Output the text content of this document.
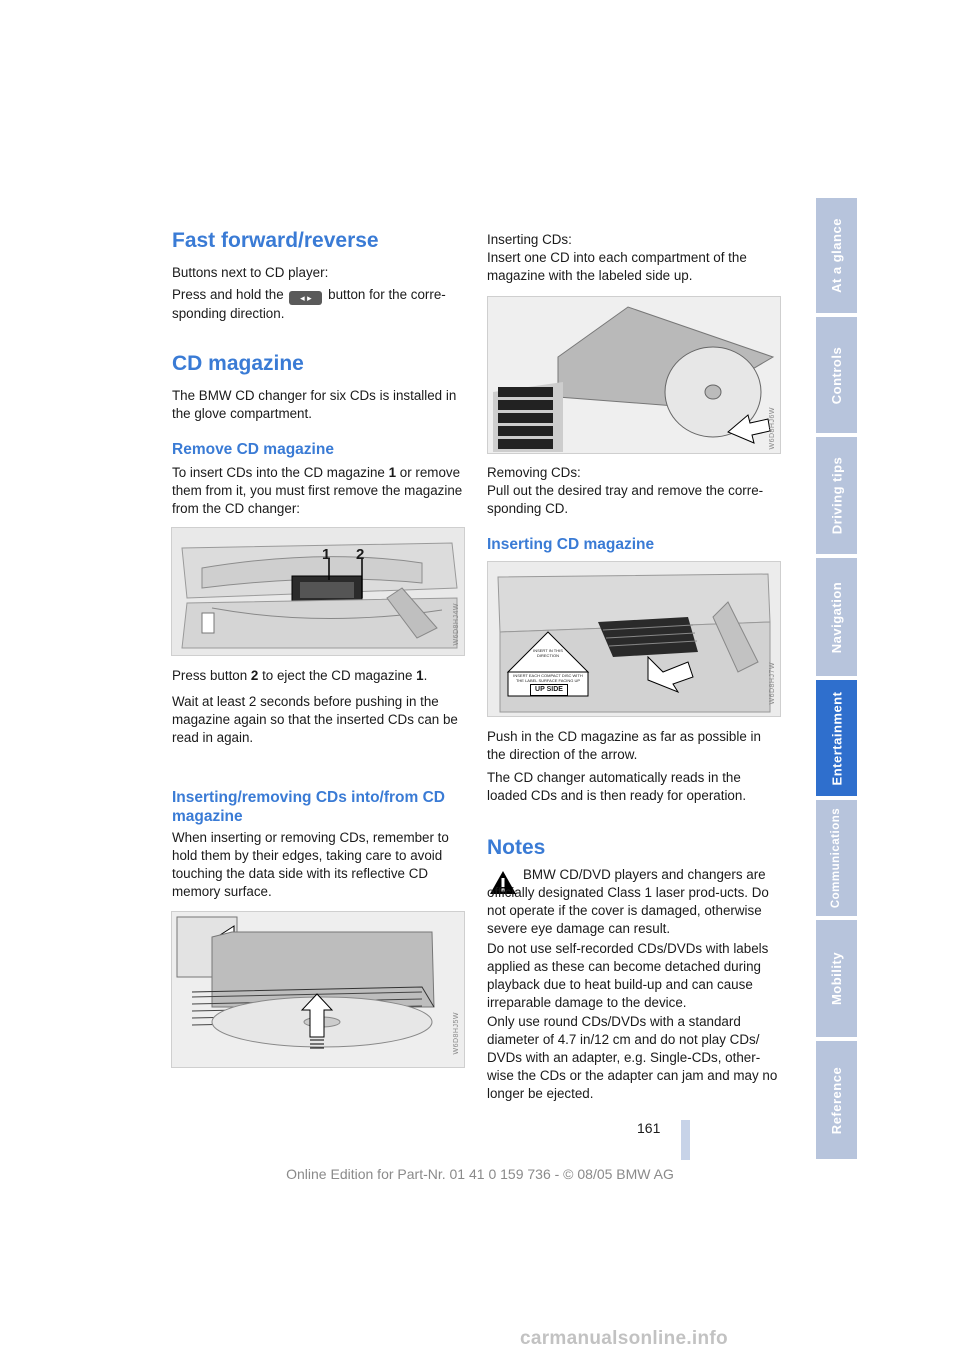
Fast forward/reverse

Buttons next to CD player:

Press and hold the ◂ ▸ button for the corre-
sponding direction.

CD magazine

The BMW CD changer for six CDs is installed in the glove compartment.

Remove CD magazine

To insert CDs into the CD magazine 1 or remove them from it, you must first remove the magazine from the CD changer:

1 2
W6D8HJ4W

Press button 2 to eject the CD magazine 1.

Wait at least 2 seconds before pushing in the magazine again so that the inserted CDs can be read in again.

Inserting/removing CDs into/from CD magazine

When inserting or removing CDs, remember to hold them by their edges, taking care to avoid touching the data side with its reflective CD memory surface.

W6D8HJ5W

Inserting CDs:
Insert one CD into each compartment of the magazine with the labeled side up.

W6D8HJ6W

Removing CDs:
Pull out the desired tray and remove the corre-sponding CD.

Inserting CD magazine
INSERT IN THIS DIRECTION
INSERT EACH COMPACT DISC WITH THE LABEL SURFACE FACING UP
UP SIDE	W6D8HJ7W

Push in the CD magazine as far as possible in the direction of the arrow.

The CD changer automatically reads in the loaded CDs and is then ready for operation.

Notes

BMW CD/DVD players and changers are officially designated Class 1 laser prod-ucts. Do not operate if the cover is damaged, otherwise severe eye damage can result.

Do not use self-recorded CDs/DVDs with labels applied as these can become detached during playback due to heat build-up and can cause irreparable damage to the device.

Only use round CDs/DVDs with a standard diameter of 4.7 in/12 cm and do not play CDs/ DVDs with an adapter, e.g. Single-CDs, other-wise the CDs or the adapter can jam and may no longer be ejected.

At a glance
Controls
Driving tips
Navigation
Entertainment
Communications
Mobility
Reference
161
Online Edition for Part-Nr. 01 41 0 159 736 - © 08/05 BMW AG
carmanualsonline.info
